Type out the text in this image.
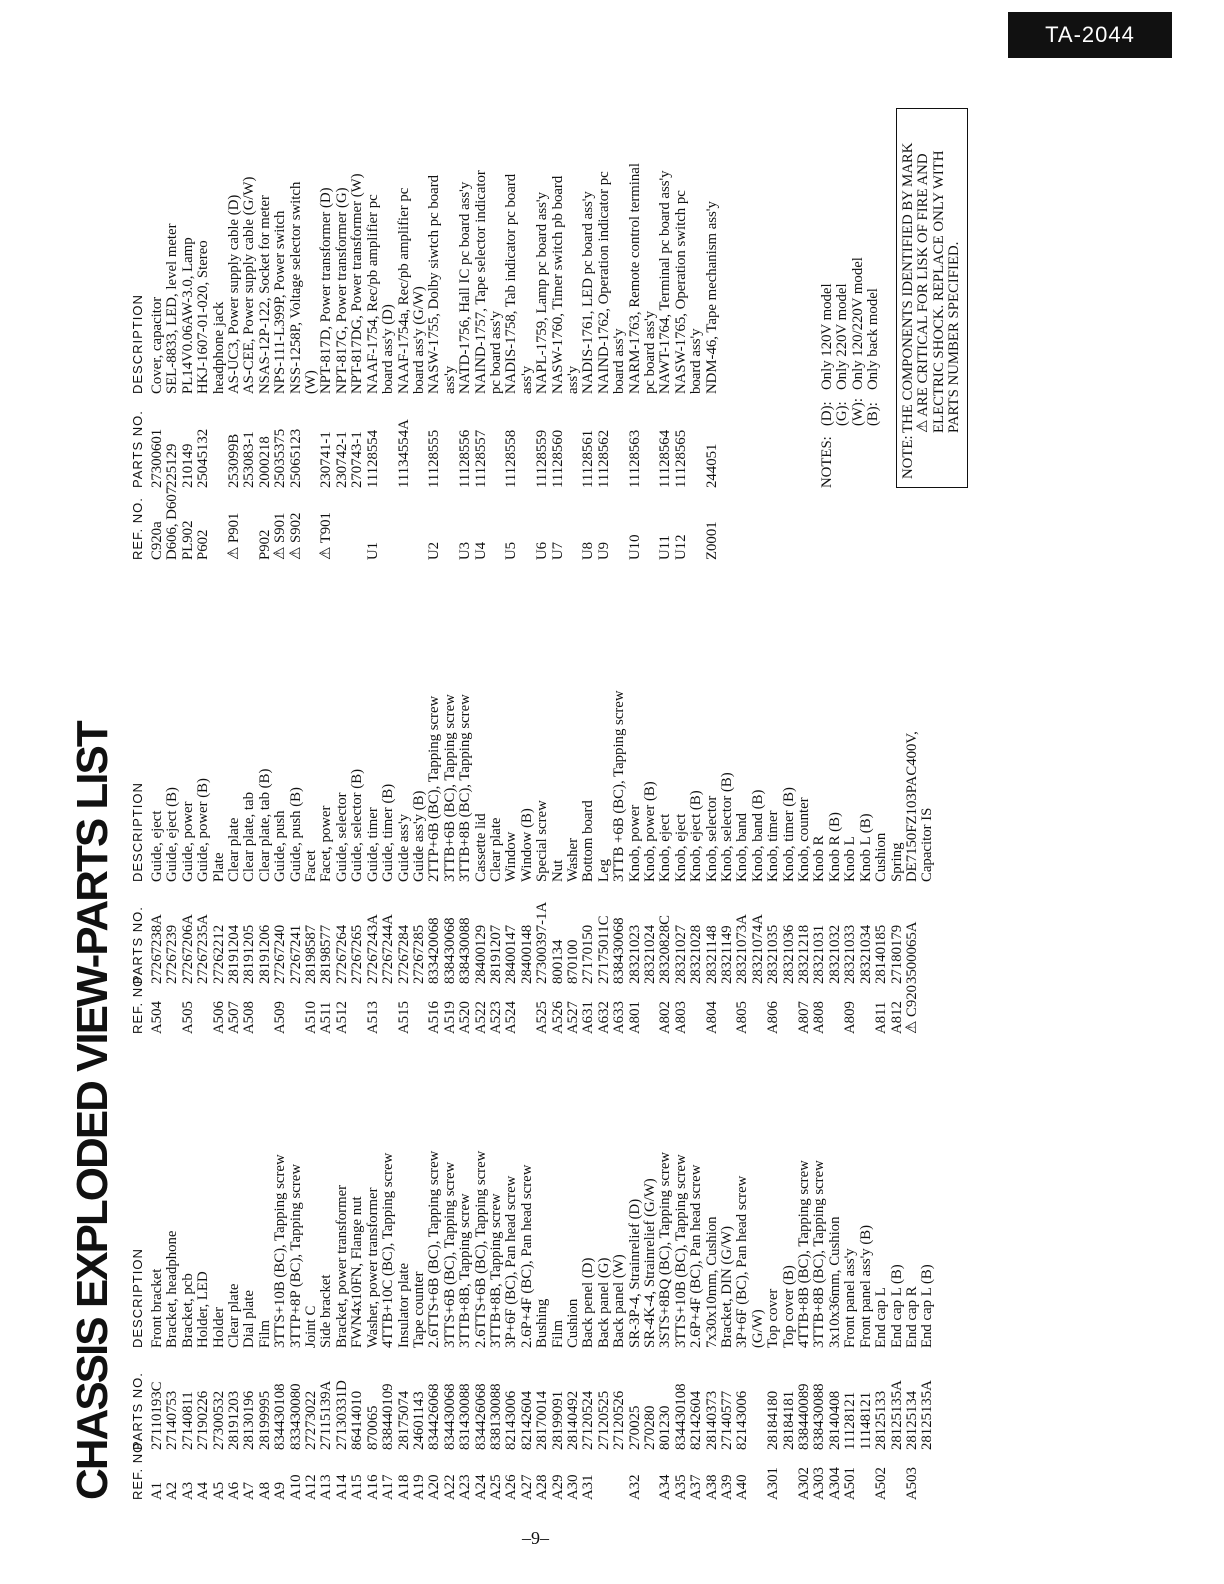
TA-2044
CHASSIS EXPLODED VIEW-PARTS LIST REF. NO.
PARTS NO.
DESCRIPTION
A1
27110193C
Front bracket
A2
27140753
Bracket, headphone
A3
27140811
Bracket, pcb
A4
27190226
Holder, LED
A5
27300532
Holder
A6
28191203
Clear plate
A7
28130196
Dial plate
A8
28199995
Film
A9
834430108
3TTS+10B (BC), Tapping screw
A10
833430080
3TTP+8P (BC), Tapping screw
A12
27273022
Joint C
A13
27115139A
Side bracket
A14
27130331D
Bracket, power transformer
A15
86414010
FWN4x10FN, Flange nut
A16
870065
Washer, power transformer
A17
838440109
4TTB+10C (BC), Tapping screw
A18
28175074
Insulator plate
A19
24601143
Tape counter
A20
834426068
2.6TTS+6B (BC), Tapping screw
A22
834430068
3TTS+6B (BC), Tapping screw
A23
831430088
3TTB+8B, Tapping screw
A24
834426068
2.6TTS+6B (BC), Tapping screw
A25
838130088
3TTB+8B, Tapping screw
A26
82143006
3P+6F (BC), Pan head screw
A27
82142604
2.6P+4F (BC), Pan head screw
A28
28170014
Bushing
A29
28199091
Film
A30
28140492
Cushion
A31
27120524
Back penel (D)
27120525
Back panel (G)
27120526
Back panel (W)
A32
270025
SR-3P-4, Strainrelief (D)
270280
SR-4K-4, Strainrelief (G/W)
A34
801230
3STS+8BQ (BC), Tapping screw
A35
834430108
3TTS+10B (BC), Tapping screw
A37
82142604
2.6P+4F (BC), Pan head screw
A38
28140373
7x30x10mm, Cushion
A39
27140577
Bracket, DIN (G/W)
A40
82143006
3P+6F (BC), Pan head screw (G/W)
A301
28184180
Top cover
28184181
Top cover (B)
A302
838440089
4TTB+8B (BC), Tapping screw
A303
838430088
3TTB+8B (BC), Tapping screw
A304
28140408
3x10x36mm, Cushion
A501
11128121
Front panel ass'y
11148121
Front panel ass'y (B)
A502
28125133
End cap L
28125135A
End cap L (B)
A503
28125134
End cap R
28125135A
End cap L (B)
REF. NO.
PARTS NO.
DESCRIPTION
A504
27267238A
Guide, eject
27267239
Guide, eject (B)
A505
27267206A
Guide, power
27267235A
Guide, power (B)
A506
27262212
Plate
A507
28191204
Clear plate
A508
28191205
Clear plate, tab
28191206
Clear plate, tab (B)
A509
27267240
Guide, push
27267241
Guide, push (B)
A510
28198587
Facet
A511
28198577
Facet, power
A512
27267264
Guide, selector
27267265
Guide, selector (B)
A513
27267243A
Guide, timer
27267244A
Guide, timer (B)
A515
27267284
Guide ass'y
27267285
Guide ass'y (B)
A516
833420068
2TTP+6B (BC), Tapping screw
A519
838430068
3TTB+6B (BC), Tapping screw
A520
838430088
3TTB+8B (BC), Tapping screw
A522
28400129
Cassette lid
A523
28191207
Clear plate
A524
28400147
Window
28400148
Window (B)
A525
27300397-1A
Special screw
A526
800134
Nut
A527
870100
Washer
A631
27170150
Bottom board
A632
27175011C
Leg
A633
838430068
3TTB +6B (BC), Tapping screw
A801
28321023
Knob, power
28321024
Knob, power (B)
A802
28320828C
Knob, eject
A803
28321027
Knob, eject
28321028
Knob, eject (B)
A804
28321148
Knob, selector
28321149
Knob, selector (B)
A805
28321073A
Knob, band
28321074A
Knob, band (B)
A806
28321035
Knob, timer
28321036
Knob, timer (B)
A807
28321218
Knob, counter
A808
28321031
Knob R
28321032
Knob R (B)
A809
28321033
Knob L
28321034
Knob L (B)
A811
28140185
Cushion
A812
27180179
Spring
⚠ C920
3500065A
DE7150FZ103PAC400V, Capacitor IS
REF. NO.
PARTS NO.
DESCRIPTION
C920a
27300601
Cover, capacitor
D606, D607
225129
SEL-8833, LED, level meter
PL902
210149
PL14V0.06AW-3.0, Lamp
P602
25045132
HKJ-1607-01-020, Stereo headphone jack
⚠ P901
253099B
AS-UC3, Power supply cable (D)
253083-1
AS-CEE, Power supply cable (G/W)
P902
2000218
NSAS-12P-122, Socket for meter
⚠ S901
25035375
NPS-111-L399P, Power switch
⚠ S902
25065123
NSS-1258P, Voltage selector switch (W)
⚠ T901
230741-1
NPT-817D, Power transformer (D)
230742-1
NPT-817G, Power transformer (G)
270743-1
NPT-817DG, Power transformer (W)
U1
11128554
NAAF-1754, Rec/pb amplifier pc board ass'y (D)
11134554A
NAAF-1754a, Rec/pb amplifier pc board ass'y (G/W)
U2
11128555
NASW-1755, Dolby siwtch pc board ass'y
U3
11128556
NATD-1756, Hall IC pc board ass'y
U4
11128557
NAIND-1757, Tape selector indicator pc board ass'y
U5
11128558
NADIS-1758, Tab indicator pc board ass'y
U6
11128559
NAPL-1759, Lamp pc board ass'y
U7
11128560
NASW-1760, Timer switch pb board ass'y
U8
11128561
NADIS-1761, LED pc board ass'y
U9
11128562
NAIND-1762, Operation indicator pc board ass'y
U10
11128563
NARM-1763, Remote control terminal pc board ass'y
U11
11128564
NAWT-1764, Terminal pc board ass'y
U12
11128565
NASW-1765, Operation switch pc board ass'y
Z0001
244051
NDM-46, Tape mechanism ass'y
NOTES:
(D):
Only 120V model
(G):
Only 220V model
(W):
Only 120/220V model
(B):
Only back model
NOTE:
THE COMPONENTS IDENTIFIED BY MARK ⚠ ARE CRITICAL FOR LISK OF FIRE AND ELECTRIC SHOCK. REPLACE ONLY WITH PARTS NUMBER SPECIFIED.
–9–
